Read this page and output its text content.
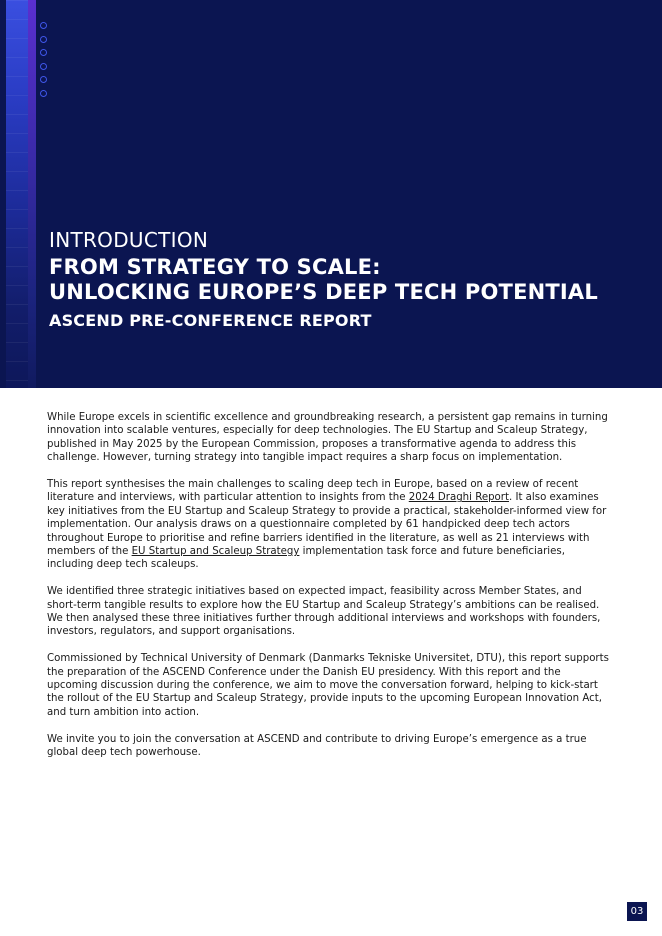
INTRODUCTION
FROM STRATEGY TO SCALE:
UNLOCKING EUROPE’S DEEP TECH POTENTIAL
ASCEND PRE-CONFERENCE REPORT

While Europe excels in scientific excellence and groundbreaking research, a persistent gap remains in turning innovation into scalable ventures, especially for deep technologies. The EU Startup and Scaleup Strategy, published in May 2025 by the European Commission, proposes a transformative agenda to address this challenge. However, turning strategy into tangible impact requires a sharp focus on implementation.

This report synthesises the main challenges to scaling deep tech in Europe, based on a review of recent literature and interviews, with particular attention to insights from the 2024 Draghi Report. It also examines key initiatives from the EU Startup and Scaleup Strategy to provide a practical, stakeholder-informed view for implementation. Our analysis draws on a questionnaire completed by 61 handpicked deep tech actors throughout Europe to prioritise and refine barriers identified in the literature, as well as 21 interviews with members of the EU Startup and Scaleup Strategy implementation task force and future beneficiaries, including deep tech scaleups.

We identified three strategic initiatives based on expected impact, feasibility across Member States, and short-term tangible results to explore how the EU Startup and Scaleup Strategy’s ambitions can be realised. We then analysed these three initiatives further through additional interviews and workshops with founders, investors, regulators, and support organisations.

Commissioned by Technical University of Denmark (Danmarks Tekniske Universitet, DTU), this report supports the preparation of the ASCEND Conference under the Danish EU presidency. With this report and the upcoming discussion during the conference, we aim to move the conversation forward, helping to kick-start the rollout of the EU Startup and Scaleup Strategy, provide inputs to the upcoming European Innovation Act, and turn ambition into action.

We invite you to join the conversation at ASCEND and contribute to driving Europe’s emergence as a true global deep tech powerhouse.

03
